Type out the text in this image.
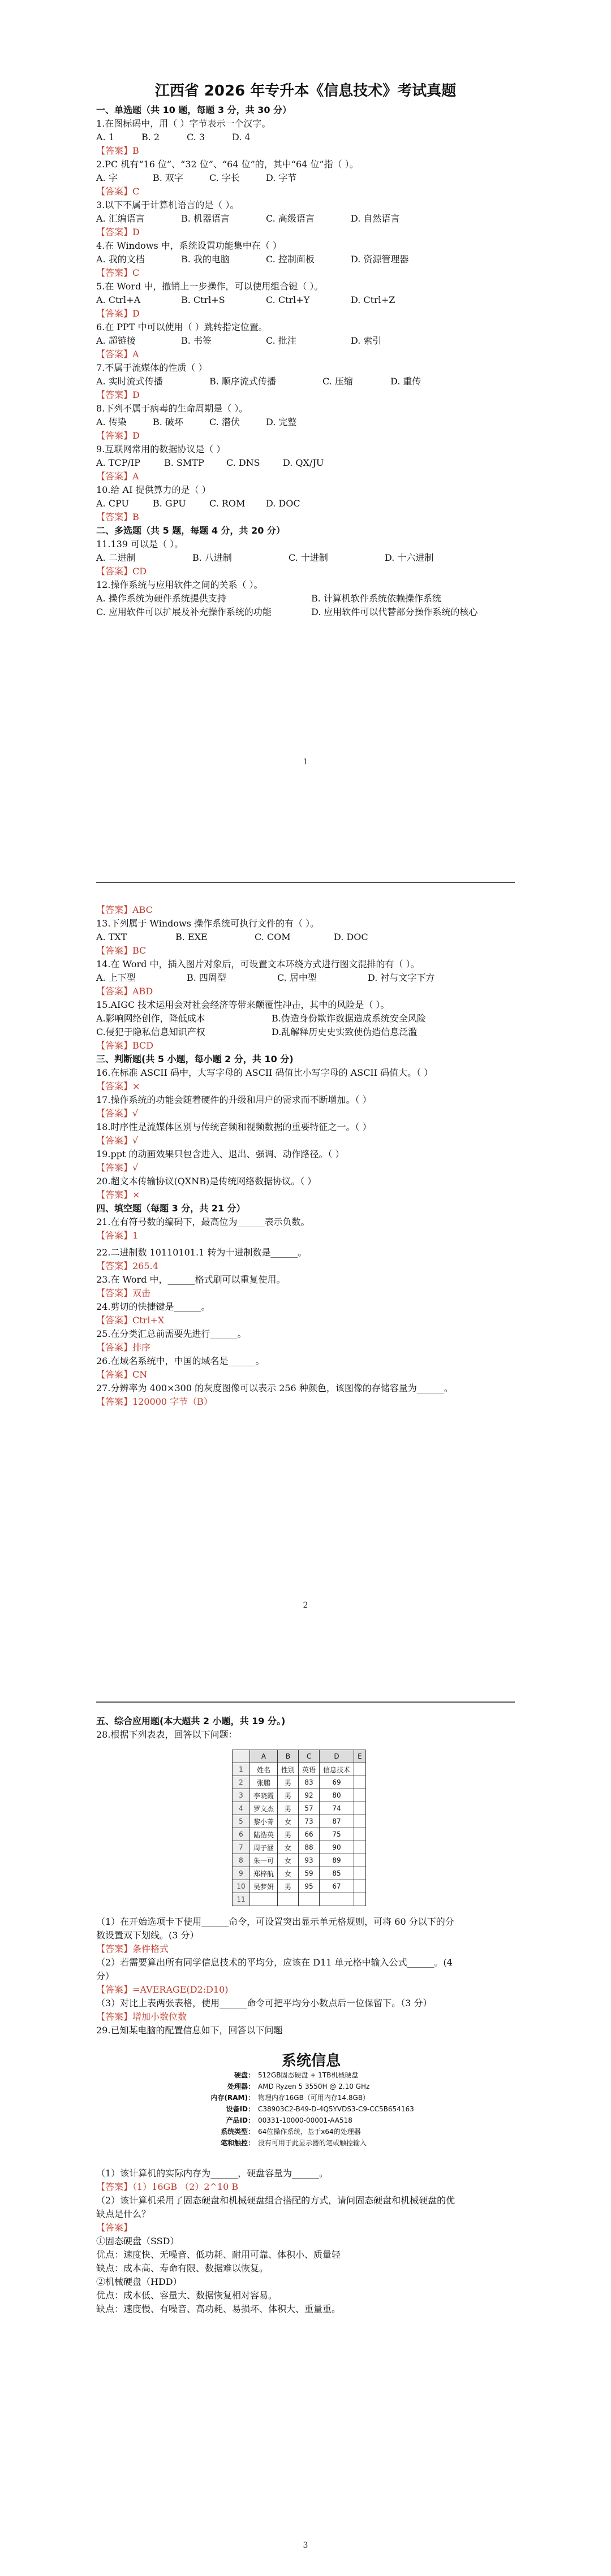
江西省 2026 年专升本《信息技术》考试真题
一、单选题（共 10 题，每题 3 分，共 30 分）
1.在图标码中，用（ ）字节表示一个汉字。
A. 1	B. 2	C. 3	D. 4
【答案】B
2.PC 机有“16 位”、“32 位”、“64 位”的，其中“64 位”指（ ）。
A. 字	B. 双字	C. 字长	D. 字节
【答案】C
3.以下不属于计算机语言的是（ ）。
A. 汇编语言	B. 机器语言	C. 高级语言	D. 自然语言
【答案】D
4.在 Windows 中，系统设置功能集中在（ ）
A. 我的文档	B. 我的电脑	C. 控制面板	D. 资源管理器
【答案】C
5.在 Word 中，撤销上一步操作，可以使用组合键（ ）。
A. Ctrl+A	B. Ctrl+S	C. Ctrl+Y	D. Ctrl+Z
【答案】D
6.在 PPT 中可以使用（ ）跳转指定位置。
A. 超链接	B. 书签	C. 批注	D. 索引
【答案】A
7.不属于流媒体的性质（ ）
A. 实时流式传播	B. 顺序流式传播	C. 压缩	D. 重传
【答案】D
8.下列不属于病毒的生命周期是（ ）。
A. 传染	B. 破坏	C. 潜伏	D. 完整
【答案】D
9.互联网常用的数据协议是（ ）
A. TCP/IP	B. SMTP	C. DNS	D. QX/JU
【答案】A
10.给 AI 提供算力的是（ ）
A. CPU	B. GPU	C. ROM	D. DOC
【答案】B
二、多选题（共 5 题，每题 4 分，共 20 分）
11.139 可以是（ ）。
A. 二进制	B. 八进制	C. 十进制	D. 十六进制
【答案】CD
12.操作系统与应用软件之间的关系（ ）。
A. 操作系统为硬件系统提供支持	B. 计算机软件系统依赖操作系统
C. 应用软件可以扩展及补充操作系统的功能	D. 应用软件可以代替部分操作系统的核心
1
【答案】ABC
13.下列属于 Windows 操作系统可执行文件的有（ ）。
A. TXT	B. EXE	C. COM	D. DOC
【答案】BC
14.在 Word 中，插入图片对象后，可设置文本环绕方式进行图文混排的有（ ）。
A. 上下型	B. 四周型	C. 居中型	D. 衬与文字下方
【答案】ABD
15.AIGC 技术运用会对社会经济等带来颠覆性冲击，其中的风险是（ ）。
A.影响网络创作，降低成本	B.伪造身份欺诈数据造成系统安全风险
C.侵犯于隐私信息知识产权	D.乱解释历史史实致使伪造信息泛滥
【答案】BCD
三、判断题(共 5 小题，每小题 2 分，共 10 分)
16.在标准 ASCII 码中，大写字母的 ASCII 码值比小写字母的 ASCII 码值大。（ ）
【答案】×
17.操作系统的功能会随着硬件的升级和用户的需求而不断增加。（ ）
【答案】√
18.时序性是流媒体区别与传统音频和视频数据的重要特征之一。（ ）
【答案】√
19.ppt 的动画效果只包含进入、退出、强调、动作路径。（ ）
【答案】√
20.超文本传输协议(QXNB)是传统网络数据协议。（ ）
【答案】×
四、填空题（每题 3 分，共 21 分）
21.在有符号数的编码下，最高位为______表示负数。
【答案】1
22.二进制数 10110101.1 转为十进制数是______。
【答案】265.4
23.在 Word 中，______格式刷可以重复使用。
【答案】双击
24.剪切的快捷键是______。
【答案】Ctrl+X
25.在分类汇总前需要先进行______。
【答案】排序
26.在域名系统中，中国的域名是______。
【答案】CN
27.分辨率为 400×300 的灰度图像可以表示 256 种颜色，该图像的存储容量为______。
【答案】120000 字节（B）
2
五、综合应用题(本大题共 2 小题，共 19 分。)
28.根据下列表表，回答以下问题：
	A	B	C	D	E
1	姓名	性别	英语	信息技术	
2	张鹏	男	83	69	
3	李晓霞	男	92	80	
4	罗文杰	男	57	74	
5	黎小菁	女	73	87	
6	陆浩英	男	66	75	
7	周子涵	女	88	90	
8	朱一可	女	93	89	
9	郑梓航	女	59	85	
10	吴梦妍	男	95	67	
11					
（1）在开始选项卡下使用______命令，可设置突出显示单元格规则，可将 60 分以下的分
数设置双下划线。(3 分）
【答案】条件格式
（2）若需要算出所有同学信息技术的平均分，应该在 D11 单元格中输入公式______。(4
分）
【答案】=AVERAGE(D2:D10)
（3）对比上表两张表格，使用______命令可把平均分小数点后一位保留下。（3 分）
【答案】增加小数位数
29.已知某电脑的配置信息如下，回答以下问题
系统信息
硬盘： 512GB固态硬盘 + 1TB机械硬盘
处理器： AMD Ryzen 5 3550H @ 2.10 GHz
内存(RAM)： 物理内存16GB（可用内存14.8GB）
设备ID： C38903C2-B49-D-4Q5YVDS3-C9-CC5B654163
产品ID： 00331-10000-00001-AA518
系统类型： 64位操作系统，基于x64的处理器
笔和触控： 没有可用于此显示器的笔或触控输入
（1）该计算机的实际内存为______，硬盘容量为______。
【答案】（1）16GB （2）2^10 B
（2）该计算机采用了固态硬盘和机械硬盘组合搭配的方式，请问固态硬盘和机械硬盘的优
缺点是什么？
【答案】
①固态硬盘（SSD）
优点：速度快、无噪音、低功耗、耐用可靠、体积小、质量轻
缺点：成本高、寿命有限、数据难以恢复。
②机械硬盘（HDD）
优点：成本低、容量大、数据恢复相对容易。
缺点：速度慢、有噪音、高功耗、易损坏、体积大、重量重。
3
